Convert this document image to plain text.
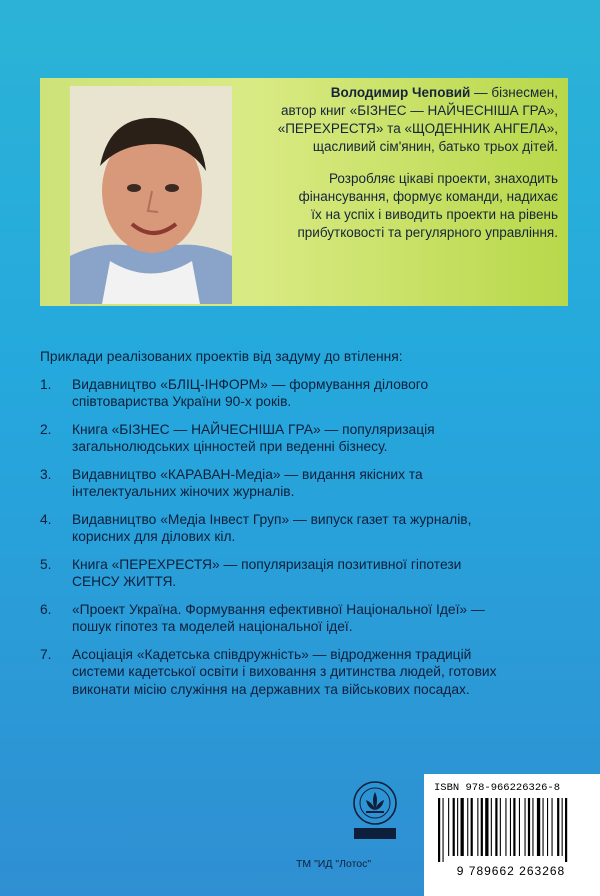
Володимир Чеповий — бізнесмен,
автор книг «БІЗНЕС — НАЙЧЕСНІША ГРА»,
«ПЕРЕХРЕСТЯ» та «ЩОДЕННИК АНГЕЛА»,
щасливий сім'янин, батько трьох дітей.

Розробляє цікаві проекти, знаходить
фінансування, формує команди, надихає
їх на успіх і виводить проекти на рівень
прибутковості та регулярного управління.

Приклади реалізованих проектів від задуму до втілення:

1. Видавництво «БЛІЦ-ІНФОРМ» — формування ділового
співтовариства України 90-х років.
2. Книга «БІЗНЕС — НАЙЧЕСНІША ГРА» — популяризація
загальнолюдських цінностей при веденні бізнесу.
3. Видавництво «КАРАВАН-Медіа» — видання якісних та
інтелектуальних жіночих журналів.
4. Видавництво «Медіа Інвест Груп» — випуск газет та журналів,
корисних для ділових кіл.
5. Книга «ПЕРЕХРЕСТЯ» — популяризація позитивної гіпотези
СЕНСУ ЖИТТЯ.
6. «Проект Україна. Формування ефективної Національної Ідеї» —
пошук гіпотез та моделей національної ідеї.
7. Асоціація «Кадетська співдружність» — відродження традицій
системи кадетської освіти і виховання з дитинства людей, готових
виконати місію служіння на державних та військових посадах.
ТМ "ИД "Лотос"
ISBN 978-966226326-8
9 789662 263268
